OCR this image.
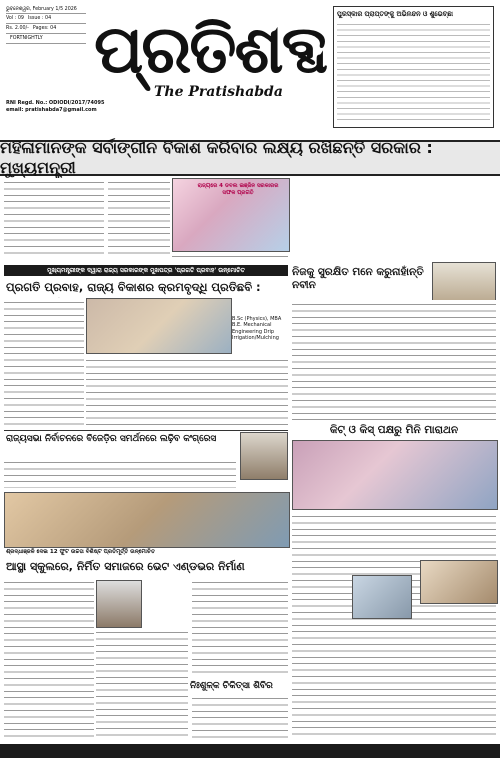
ଭୁବନେଶ୍ୱର, February 1/5 2026
Vol : 09 Issue : 04
Rs. 2.00/- Pages: 04
FORTNIGHTLY ପ୍ରତିଶବ୍ଦ
The Pratishabda
RNI Regd. No.: ODIODI/2017/74095
email: pratishabda7@gmail.com
ପୁରସ୍କାର ପ୍ରାପ୍ତଙ୍କୁ ଅଭିନନ୍ଦନ ଓ ଶୁଭେଚ୍ଛା
ମହିଳାମାନଙ୍କ ସର୍ବାଙ୍ଗୀନ ବିକାଶ କରିବାର ଲକ୍ଷ୍ୟ ରଖିଛନ୍ତି ସରକାର : ମୁଖ୍ୟମନ୍ତ୍ରୀ
ରାଜ୍ୟରେ 4 ଡବଲ ଇଞ୍ଜିନ ସରକାରର ସଫଳ ପ୍ରଗତି
ମୁଖ୍ୟମନ୍ତ୍ରୀଙ୍କ ଦ୍ୱାରା ରାଜ୍ୟ ସରକାରଙ୍କ ମୁଖପତ୍ର 'ପ୍ରଗତି ପ୍ରବାହ' ଉନ୍ମୋଚିତ
ପ୍ରଗତି ପ୍ରବାହ, ରାଜ୍ୟ ବିକାଶର କ୍ରମବୃଦ୍ଧି ପ୍ରତିଛବି :
B.Sc (Physics), MBA B.E. Mechanical Engineering Drip Irrigation/Mulching
ନିଜକୁ ସୁରକ୍ଷିତ ମନେ କରୁନାହାଁନ୍ତି ନବୀନ
ରାଜ୍ୟସଭା ନିର୍ବାଚନରେ ବିଜେଡ଼ିର ସମର୍ଥନରେ ଲଢ଼ିବ କଂଗ୍ରେସ
କିଟ୍ ଓ କିସ୍ ପକ୍ଷରୁ ମିନି ମାରାଥନ
ଶ୍ରଦ୍ଧାଞ୍ଜଳି ଦେଇ 12 ଫୁଟ ଉଚ୍ଚତା ବିଶିଷ୍ଟ ପ୍ରତିମୂର୍ତ୍ତି ଉନ୍ମୋଚିତ
ଆସ୍ଥା ସ୍କୁଲରେ, ନିର୍ମିତ ସମାଜରେ ଭେଟ ଏଣ୍ଡଭର ନିର୍ମାଣ
ନିଃଶୁଳ୍କ ଚିକିତ୍ସା ଶିବିର
